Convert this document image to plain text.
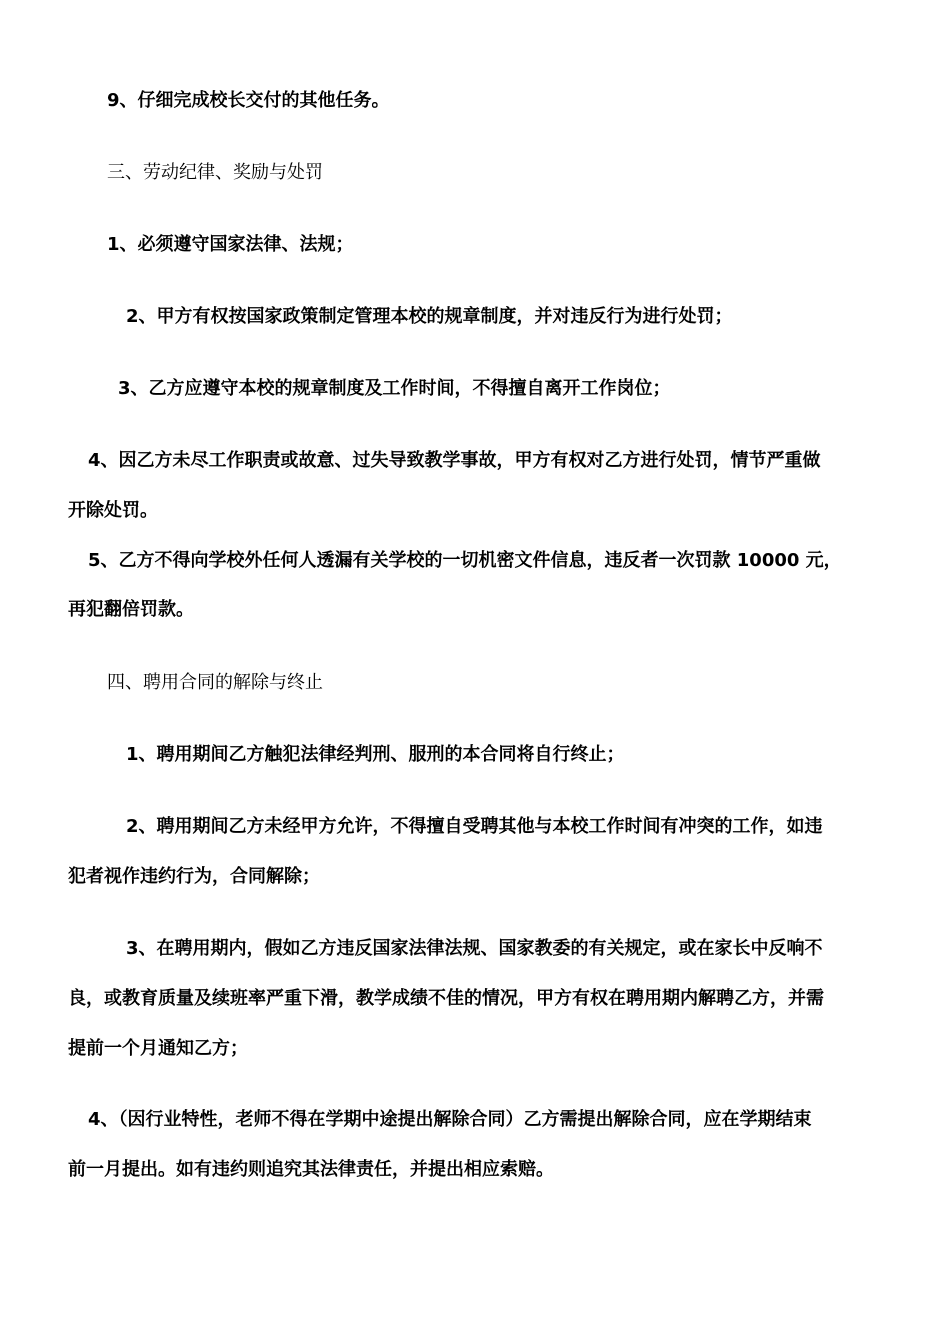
9、仔细完成校长交付的其他任务。
三、劳动纪律、奖励与处罚
1、必须遵守国家法律、法规；
2、甲方有权按国家政策制定管理本校的规章制度，并对违反行为进行处罚；
3、乙方应遵守本校的规章制度及工作时间，不得擅自离开工作岗位；
4、因乙方未尽工作职责或故意、过失导致教学事故，甲方有权对乙方进行处罚，情节严重做
开除处罚。
5、乙方不得向学校外任何人透漏有关学校的一切机密文件信息，违反者一次罚款 10000 元，
再犯翻倍罚款。
四、聘用合同的解除与终止
1、聘用期间乙方触犯法律经判刑、服刑的本合同将自行终止；
2、聘用期间乙方未经甲方允许，不得擅自受聘其他与本校工作时间有冲突的工作，如违
犯者视作违约行为，合同解除；
3、在聘用期内，假如乙方违反国家法律法规、国家教委的有关规定，或在家长中反响不
良，或教育质量及续班率严重下滑，教学成绩不佳的情况，甲方有权在聘用期内解聘乙方，并需
提前一个月通知乙方；
4、（因行业特性，老师不得在学期中途提出解除合同）乙方需提出解除合同，应在学期结束
前一月提出。如有违约则追究其法律责任，并提出相应索赔。
